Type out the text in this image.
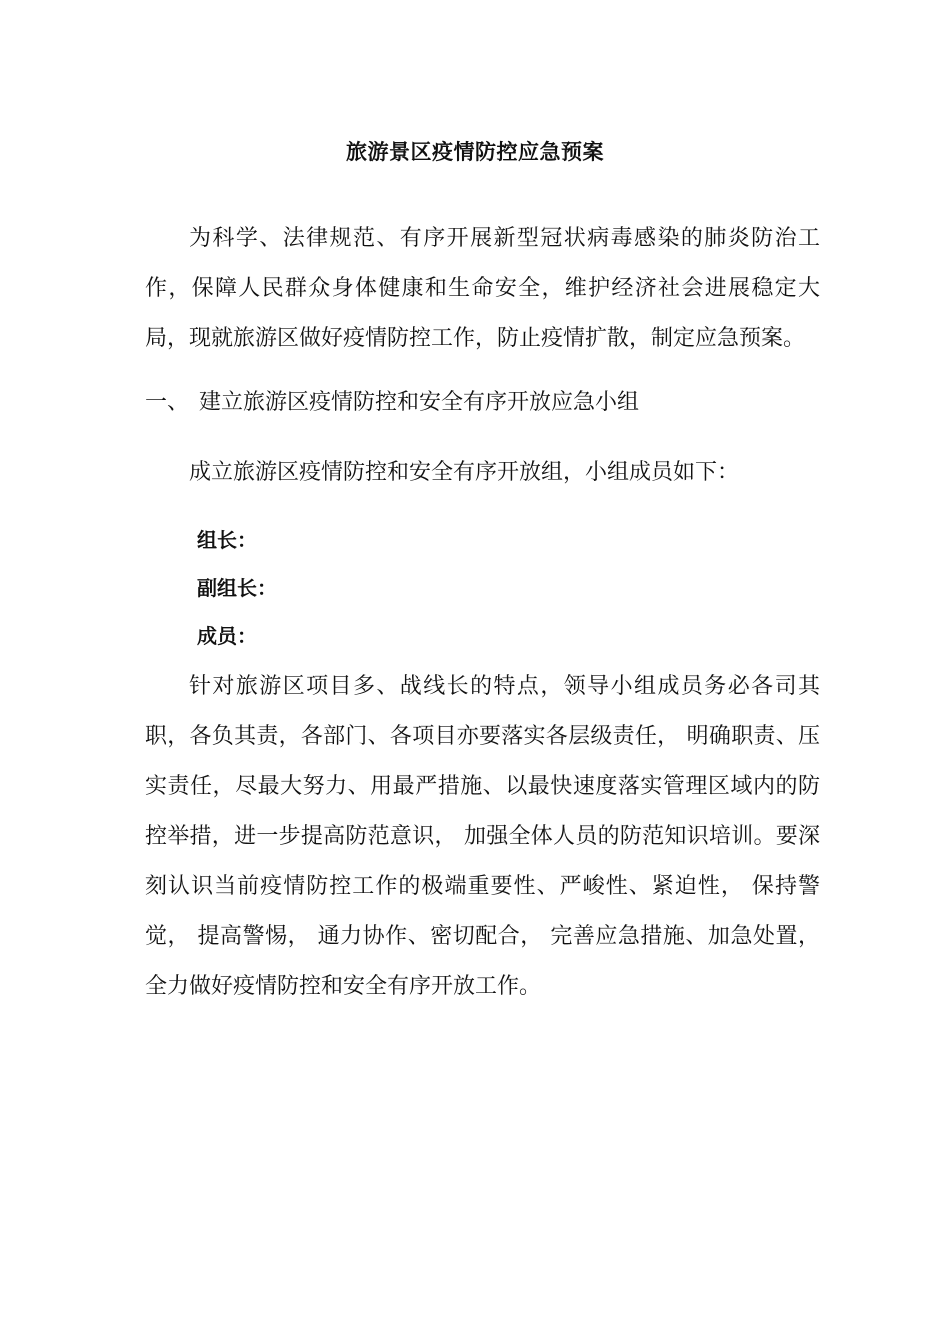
旅游景区疫情防控应急预案
为科学、法律规范、有序开展新型冠状病毒感染的肺炎防治工作，保障人民群众身体健康和生命安全，维护经济社会进展稳定大局，现就旅游区做好疫情防控工作，防止疫情扩散，制定应急预案。
一、 建立旅游区疫情防控和安全有序开放应急小组
成立旅游区疫情防控和安全有序开放组，小组成员如下：
组长：
副组长：
成员：
针对旅游区项目多、战线长的特点，领导小组成员务必各司其职，各负其责，各部门、各项目亦要落实各层级责任， 明确职责、压实责任，尽最大努力、用最严措施、以最快速度落实管理区域内的防控举措，进一步提高防范意识， 加强全体人员的防范知识培训。要深刻认识当前疫情防控工作的极端重要性、严峻性、紧迫性， 保持警觉， 提高警惕， 通力协作、密切配合， 完善应急措施、加急处置，全力做好疫情防控和安全有序开放工作。
